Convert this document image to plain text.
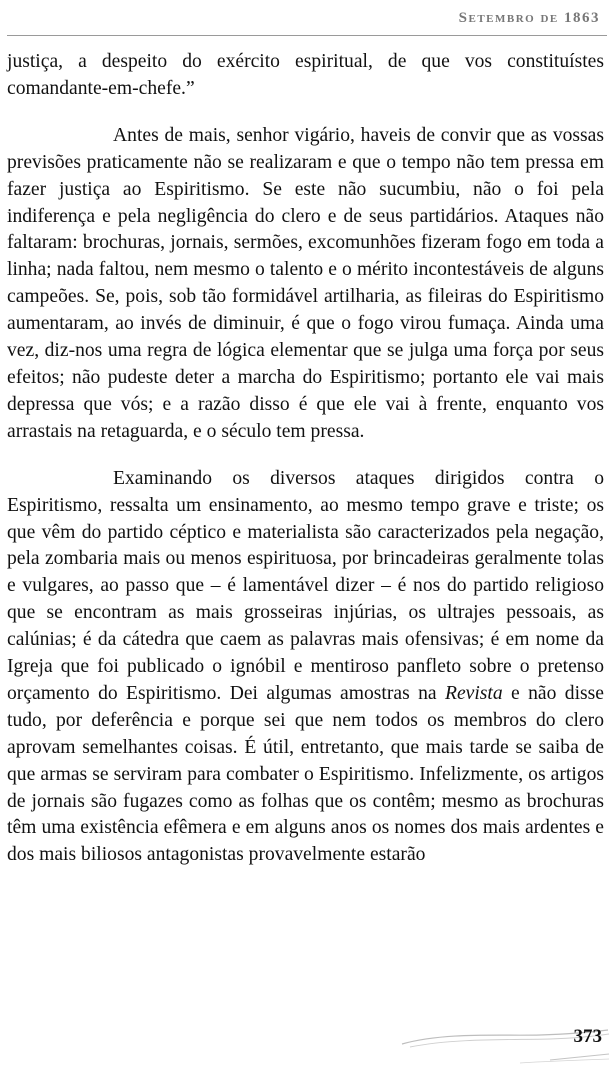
Setembro de 1863

justiça, a despeito do exército espiritual, de que vos constituístes comandante-em-chefe.”

Antes de mais, senhor vigário, haveis de convir que as vossas previsões praticamente não se realizaram e que o tempo não tem pressa em fazer justiça ao Espiritismo. Se este não sucumbiu, não o foi pela indiferença e pela negligência do clero e de seus partidários. Ataques não faltaram: brochuras, jornais, sermões, excomunhões fizeram fogo em toda a linha; nada faltou, nem mesmo o talento e o mérito incontestáveis de alguns campeões. Se, pois, sob tão formidável artilharia, as fileiras do Espiritismo aumentaram, ao invés de diminuir, é que o fogo virou fumaça. Ainda uma vez, diz-nos uma regra de lógica elementar que se julga uma força por seus efeitos; não pudeste deter a marcha do Espiritismo; portanto ele vai mais depressa que vós; e a razão disso é que ele vai à frente, enquanto vos arrastais na retaguarda, e o século tem pressa.

Examinando os diversos ataques dirigidos contra o Espiritismo, ressalta um ensinamento, ao mesmo tempo grave e triste; os que vêm do partido céptico e materialista são caracterizados pela negação, pela zombaria mais ou menos espirituosa, por brincadeiras geralmente tolas e vulgares, ao passo que – é lamentável dizer – é nos do partido religioso que se encontram as mais grosseiras injúrias, os ultrajes pessoais, as calúnias; é da cátedra que caem as palavras mais ofensivas; é em nome da Igreja que foi publicado o ignóbil e mentiroso panfleto sobre o pretenso orçamento do Espiritismo. Dei algumas amostras na Revista e não disse tudo, por deferência e porque sei que nem todos os membros do clero aprovam semelhantes coisas. É útil, entretanto, que mais tarde se saiba de que armas se serviram para combater o Espiritismo. Infelizmente, os artigos de jornais são fugazes como as folhas que os contêm; mesmo as brochuras têm uma existência efêmera e em alguns anos os nomes dos mais ardentes e dos mais biliosos antagonistas provavelmente estarão

373
